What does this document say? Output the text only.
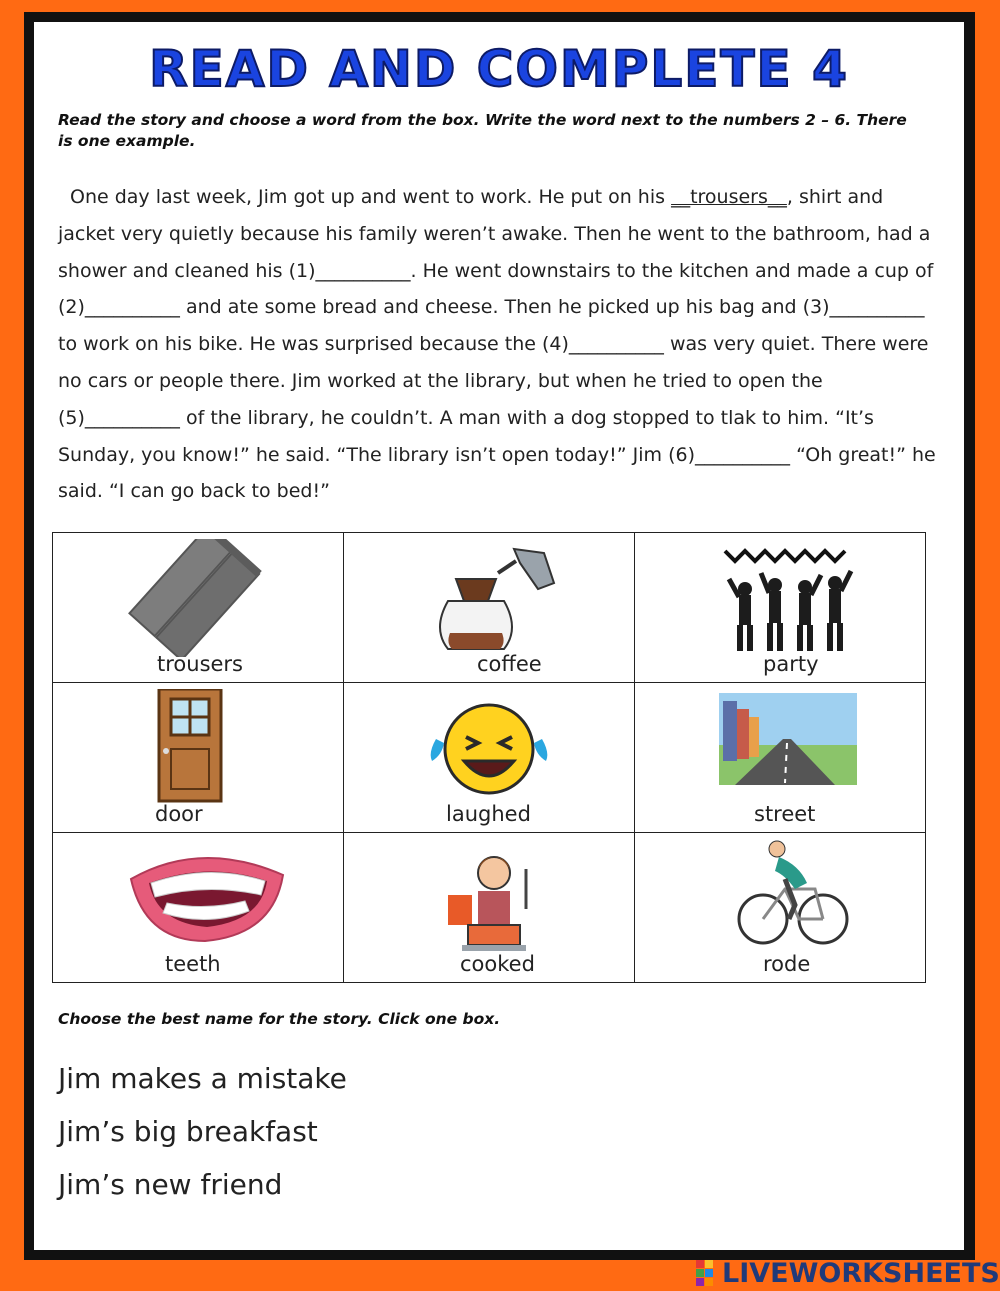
READ AND COMPLETE 4
Read the story and choose a word from the box. Write the word next to the numbers 2 – 6. There is one example.

One day last week, Jim got up and went to work. He put on his __trousers__, shirt and jacket very quietly because his family weren’t awake. Then he went to the bathroom, had a shower and cleaned his (1)__________. He went downstairs to the kitchen and made a cup of (2)__________ and ate some bread and cheese. Then he picked up his bag and (3)__________ to work on his bike. He was surprised because the (4)__________ was very quiet. There were no cars or people there. Jim worked at the library, but when he tried to open the (5)__________ of the library, he couldn’t. A man with a dog stopped to tlak to him. “It’s Sunday, you know!” he said. “The library isn’t open today!” Jim (6)__________ “Oh great!” he said. “I can go back to bed!”

trousers	coffee	party

door	laughed	street

teeth	cooked	rode
Choose the best name for the story. Click one box.
Jim makes a mistake
Jim’s big breakfast
Jim’s new friend
LIVEWORKSHEETS
